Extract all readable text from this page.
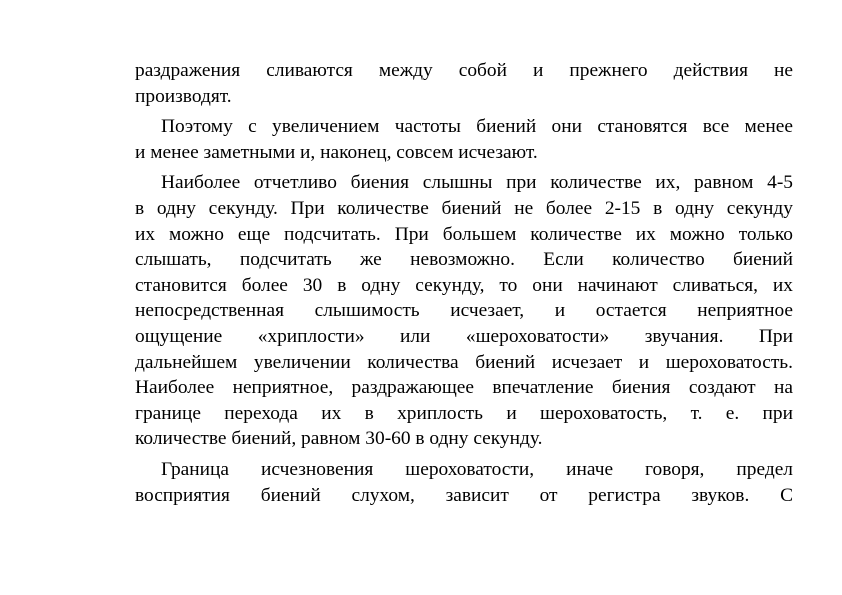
раздражения сливаются между собой и прежнего действия не
производят.

Поэтому с увеличением частоты биений они становятся все менее
и менее заметными и, наконец, совсем исчезают.

Наиболее отчетливо биения слышны при количестве их, равном 4-5
в одну секунду. При количестве биений не более 2-15 в одну секунду
их можно еще подсчитать. При большем количестве их можно только
слышать, подсчитать же невозможно. Если количество биений
становится более 30 в одну секунду, то они начинают сливаться, их
непосредственная слышимость исчезает, и остается неприятное
ощущение «хриплости» или «шероховатости» звучания. При
дальнейшем увеличении количества биений исчезает и шероховатость.
Наиболее неприятное, раздражающее впечатление биения создают на
границе перехода их в хриплость и шероховатость, т. е. при
количестве биений, равном 30-60 в одну секунду.

Граница исчезновения шероховатости, иначе говоря, предел
восприятия биений слухом, зависит от регистра звуков. С
